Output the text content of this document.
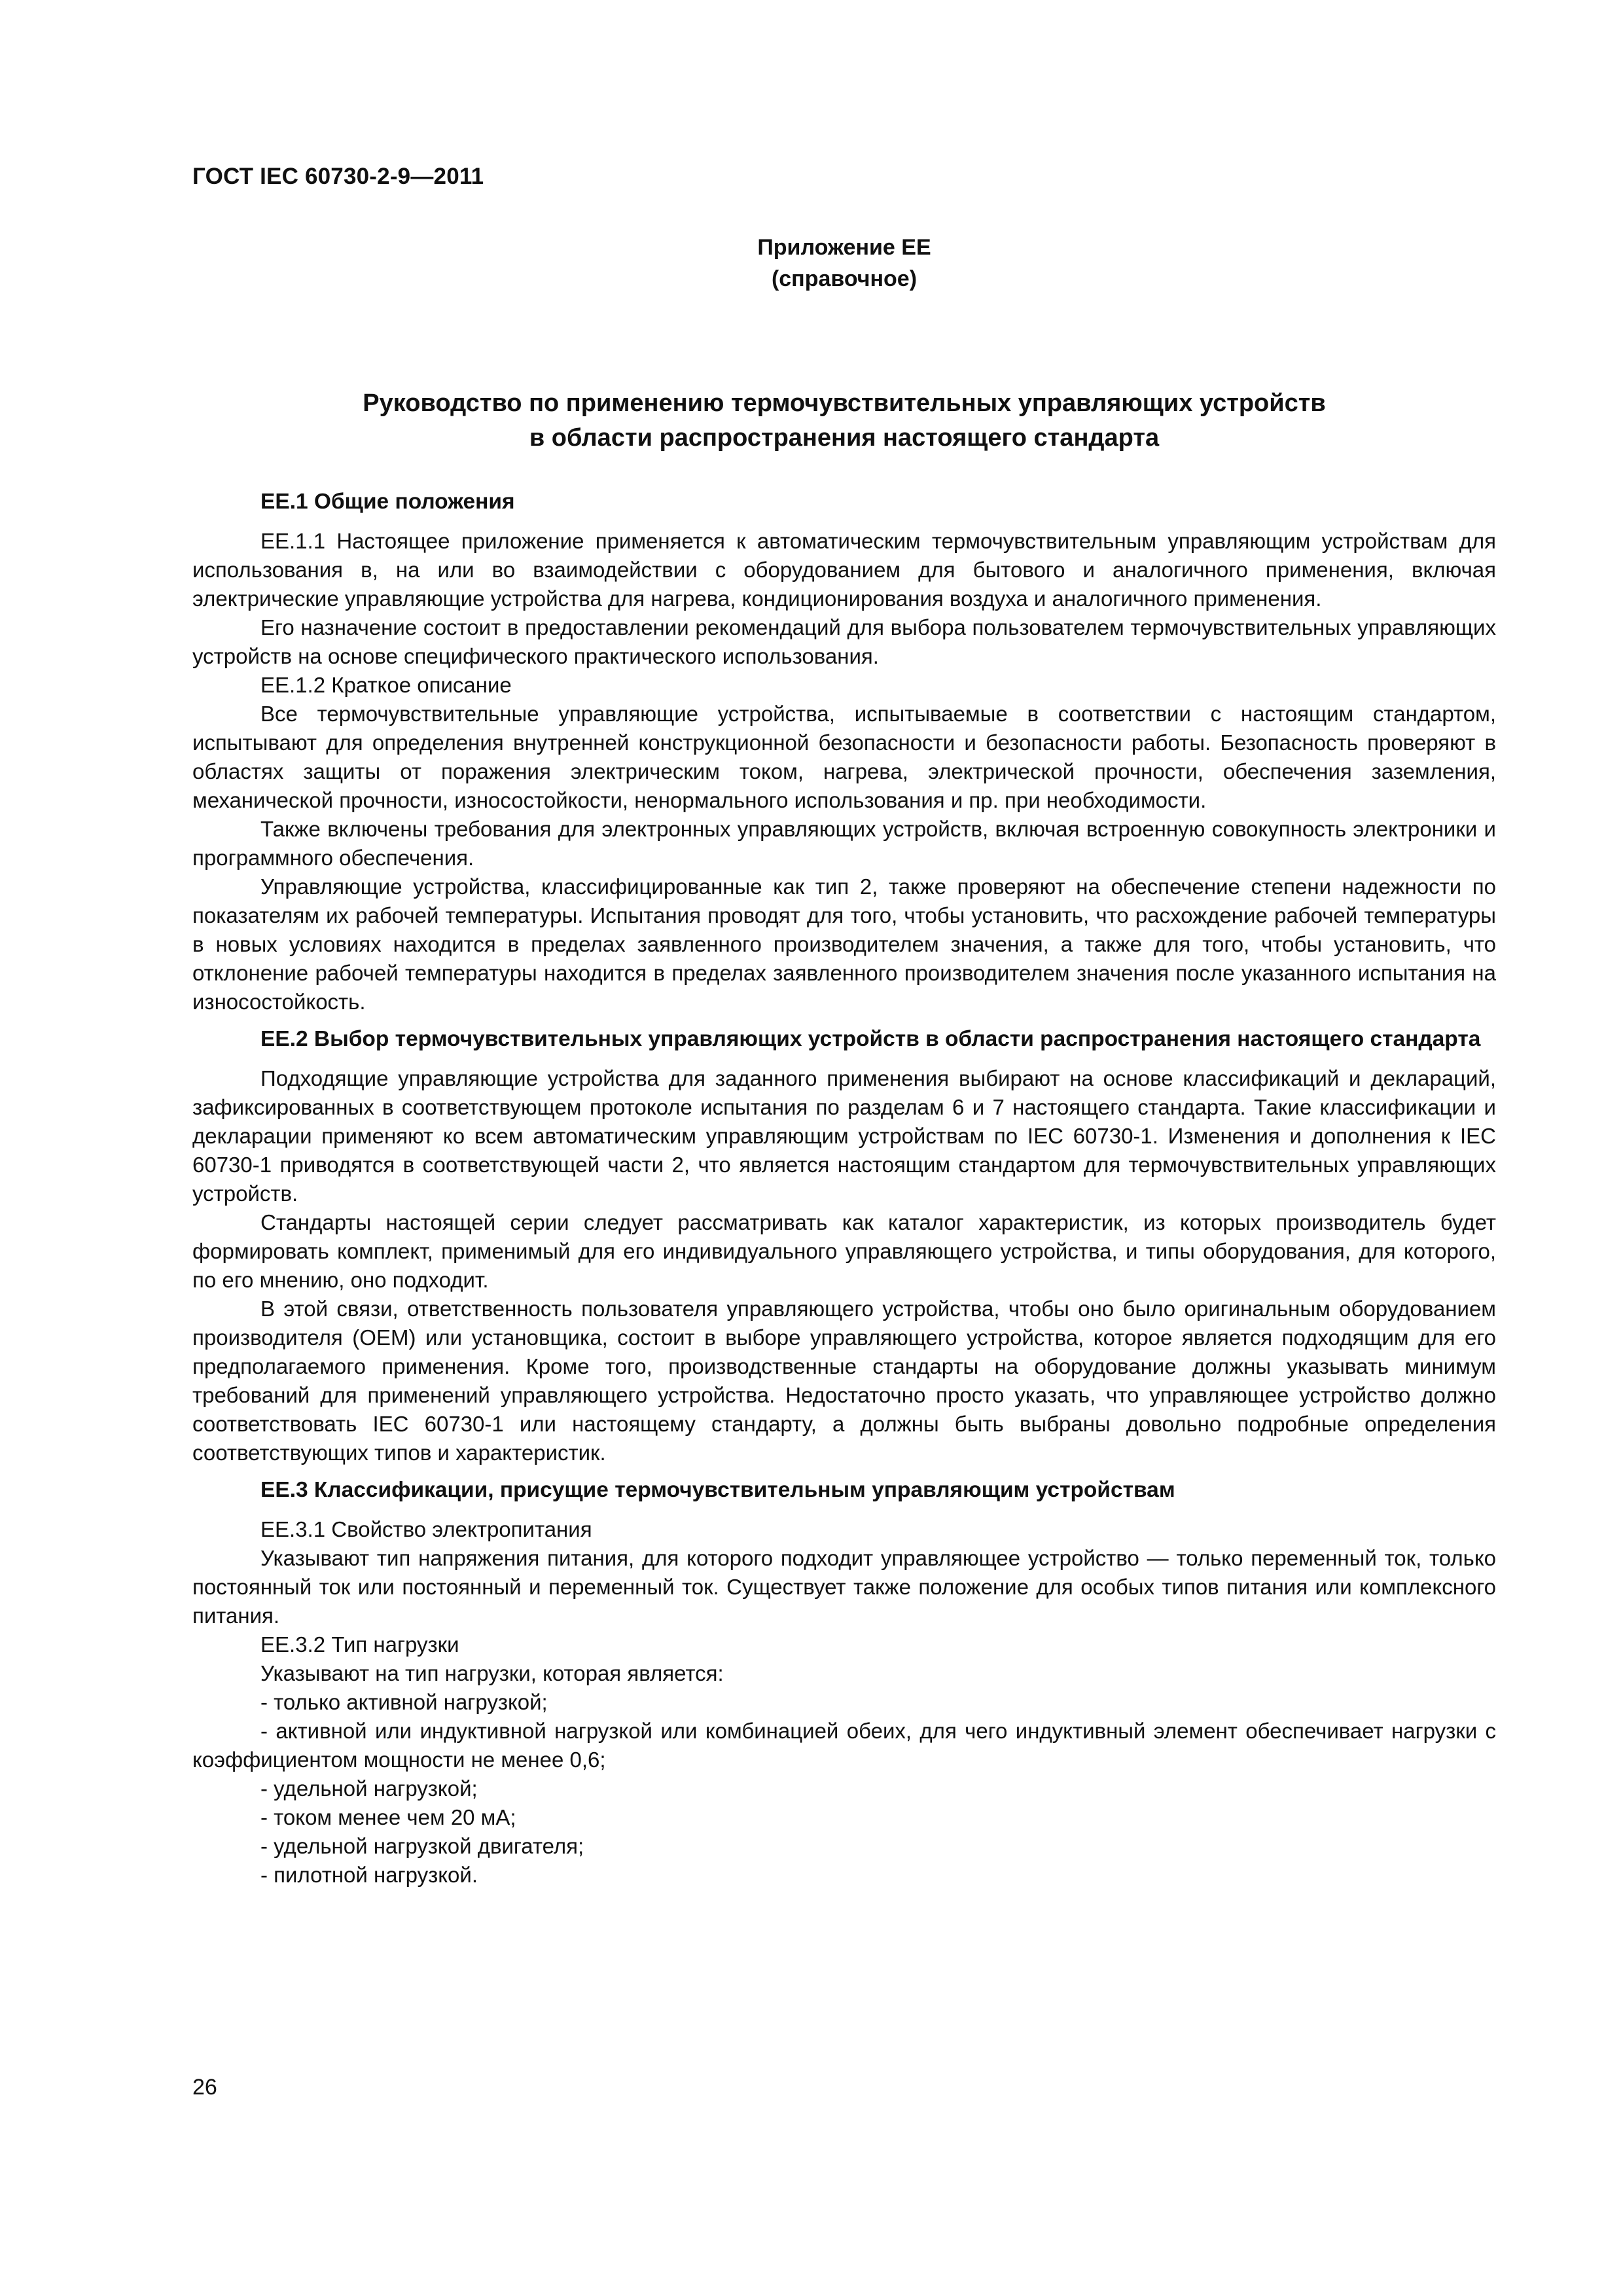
ГОСТ IEC 60730-2-9—2011
Приложение ЕЕ
(справочное)
Руководство по применению термочувствительных управляющих устройств
в области распространения настоящего стандарта

ЕЕ.1 Общие положения

ЕЕ.1.1 Настоящее приложение применяется к автоматическим термочувствительным управляющим устройствам для использования в, на или во взаимодействии с оборудованием для бытового и аналогичного применения, включая электрические управляющие устройства для нагрева, кондиционирования воздуха и аналогичного применения.

Его назначение состоит в предоставлении рекомендаций для выбора пользователем термочувствительных управляющих устройств на основе специфического практического использования.

ЕЕ.1.2 Краткое описание

Все термочувствительные управляющие устройства, испытываемые в соответствии с настоящим стандартом, испытывают для определения внутренней конструкционной безопасности и безопасности работы. Безопасность проверяют в областях защиты от поражения электрическим током, нагрева, электрической прочности, обеспечения заземления, механической прочности, износостойкости, ненормального использования и пр. при необходимости.

Также включены требования для электронных управляющих устройств, включая встроенную совокупность электроники и программного обеспечения.

Управляющие устройства, классифицированные как тип 2, также проверяют на обеспечение степени надежности по показателям их рабочей температуры. Испытания проводят для того, чтобы установить, что расхождение рабочей температуры в новых условиях находится в пределах заявленного производителем значения, а также для того, чтобы установить, что отклонение рабочей температуры находится в пределах заявленного производителем значения после указанного испытания на износостойкость.

ЕЕ.2 Выбор термочувствительных управляющих устройств в области распространения настоящего стандарта

Подходящие управляющие устройства для заданного применения выбирают на основе классификаций и деклараций, зафиксированных в соответствующем протоколе испытания по разделам 6 и 7 настоящего стандарта. Такие классификации и декларации применяют ко всем автоматическим управляющим устройствам по IEC 60730-1. Изменения и дополнения к IEC 60730-1 приводятся в соответствующей части 2, что является настоящим стандартом для термочувствительных управляющих устройств.

Стандарты настоящей серии следует рассматривать как каталог характеристик, из которых производитель будет формировать комплект, применимый для его индивидуального управляющего устройства, и типы оборудования, для которого, по его мнению, оно подходит.

В этой связи, ответственность пользователя управляющего устройства, чтобы оно было оригинальным оборудованием производителя (ОЕМ) или установщика, состоит в выборе управляющего устройства, которое является подходящим для его предполагаемого применения. Кроме того, производственные стандарты на оборудование должны указывать минимум требований для применений управляющего устройства. Недостаточно просто указать, что управляющее устройство должно соответствовать IEC 60730-1 или настоящему стандарту, а должны быть выбраны довольно подробные определения соответствующих типов и характеристик.

ЕЕ.3 Классификации, присущие термочувствительным управляющим устройствам

ЕЕ.3.1 Свойство электропитания

Указывают тип напряжения питания, для которого подходит управляющее устройство — только переменный ток, только постоянный ток или постоянный и переменный ток. Существует также положение для особых типов питания или комплексного питания.

ЕЕ.3.2 Тип нагрузки

Указывают на тип нагрузки, которая является:

- только активной нагрузкой;

- активной или индуктивной нагрузкой или комбинацией обеих, для чего индуктивный элемент обеспечивает нагрузки с коэффициентом мощности не менее 0,6;

- удельной нагрузкой;

- током менее чем 20 мА;

- удельной нагрузкой двигателя;

- пилотной нагрузкой.

26
